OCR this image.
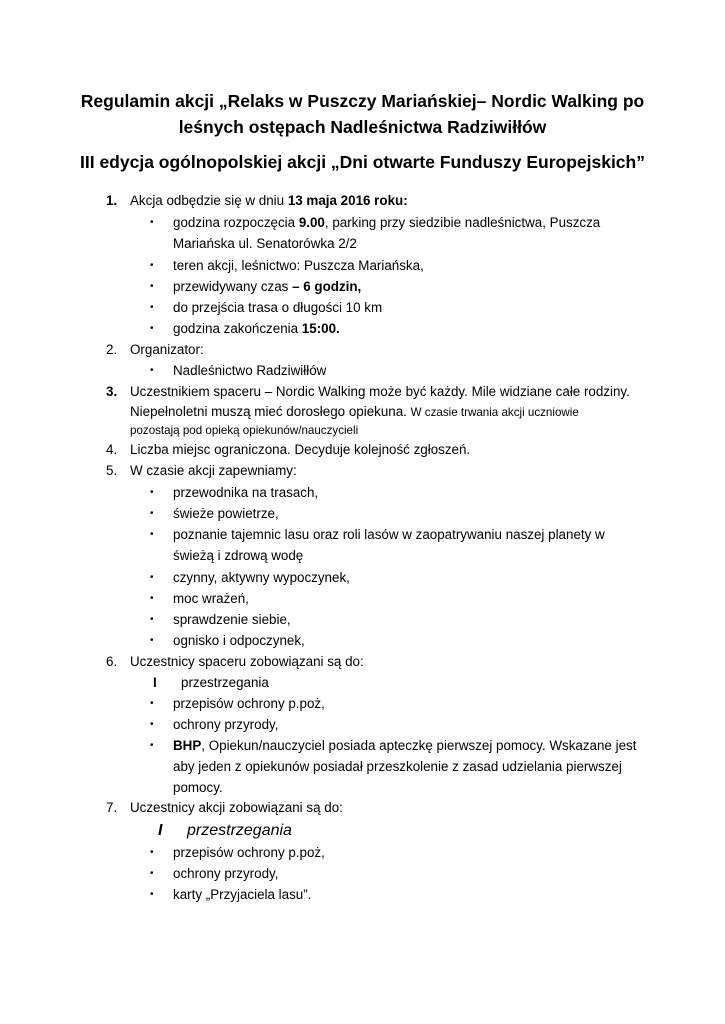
Regulamin akcji „Relaks w Puszczy Mariańskiej– Nordic Walking po
leśnych ostępach Nadleśnictwa Radziwiłłów
III edycja ogólnopolskiej akcji „Dni otwarte Funduszy Europejskich”
1. Akcja odbędzie się w dniu 13 maja 2016 roku:
• godzina rozpoczęcia 9.00, parking przy siedzibie nadleśnictwa, Puszcza
Mariańska ul. Senatorówka 2/2
• teren akcji, leśnictwo: Puszcza Mariańska,
• przewidywany czas – 6 godzin,
• do przejścia trasa o długości 10 km
• godzina zakończenia 15:00.
2. Organizator:
• Nadleśnictwo Radziwiłłów
3. Uczestnikiem spaceru – Nordic Walking może być każdy. Mile widziane całe rodziny.
Niepełnoletni muszą mieć dorosłego opiekuna. W czasie trwania akcji uczniowie
pozostają pod opieką opiekunów/nauczycieli
4. Liczba miejsc ograniczona. Decyduje kolejność zgłoszeń.
5. W czasie akcji zapewniamy:
• przewodnika na trasach,
• świeże powietrze,
• poznanie tajemnic lasu oraz roli lasów w zaopatrywaniu naszej planety w
świeżą i zdrową wodę
• czynny, aktywny wypoczynek,
• moc wrażeń,
• sprawdzenie siebie,
• ognisko i odpoczynek,
6. Uczestnicy spaceru zobowiązani są do:
I przestrzegania
• przepisów ochrony p.poż,
• ochrony przyrody,
• BHP, Opiekun/nauczyciel posiada apteczkę pierwszej pomocy. Wskazane jest
aby jeden z opiekunów posiadał przeszkolenie z zasad udzielania pierwszej
pomocy.
7. Uczestnicy akcji zobowiązani są do:
I przestrzegania
• przepisów ochrony p.poż,
• ochrony przyrody,
• karty „Przyjaciela lasu”.
